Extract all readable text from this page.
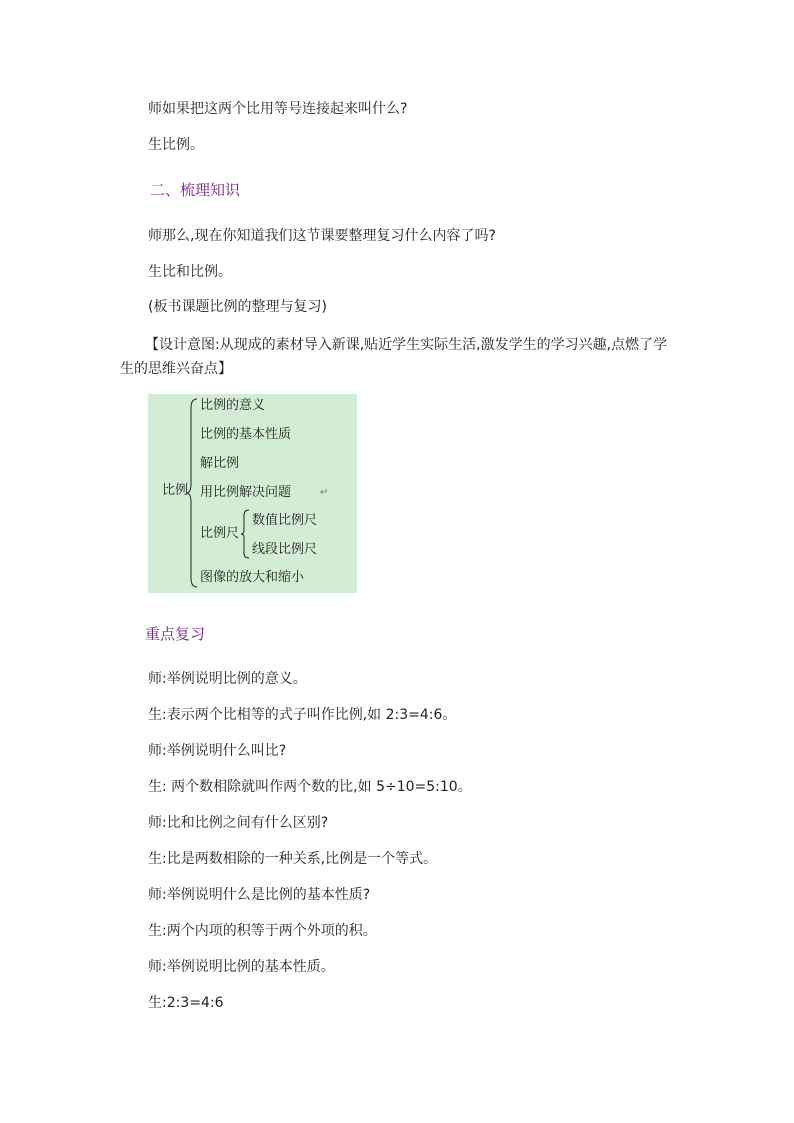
师如果把这两个比用等号连接起来叫什么?
生比例。
二、梳理知识
师那么,现在你知道我们这节课要整理复习什么内容了吗?
生比和比例。
(板书课题比例的整理与复习)
【设计意图:从现成的素材导入新课,贴近学生实际生活,激发学生的学习兴趣,点燃了学
生的思维兴奋点】
比例
比例的意义
比例的基本性质
解比例
用比例解决问题	↵
比例尺
数值比例尺
线段比例尺
图像的放大和缩小
重点复习
师:举例说明比例的意义。
生:表示两个比相等的式子叫作比例,如 2:3=4:6。
师:举例说明什么叫比?
生: 两个数相除就叫作两个数的比,如 5÷10=5:10。
师:比和比例之间有什么区别?
生:比是两数相除的一种关系,比例是一个等式。
师:举例说明什么是比例的基本性质?
生:两个内项的积等于两个外项的积。
师:举例说明比例的基本性质。
生:2:3=4:6
